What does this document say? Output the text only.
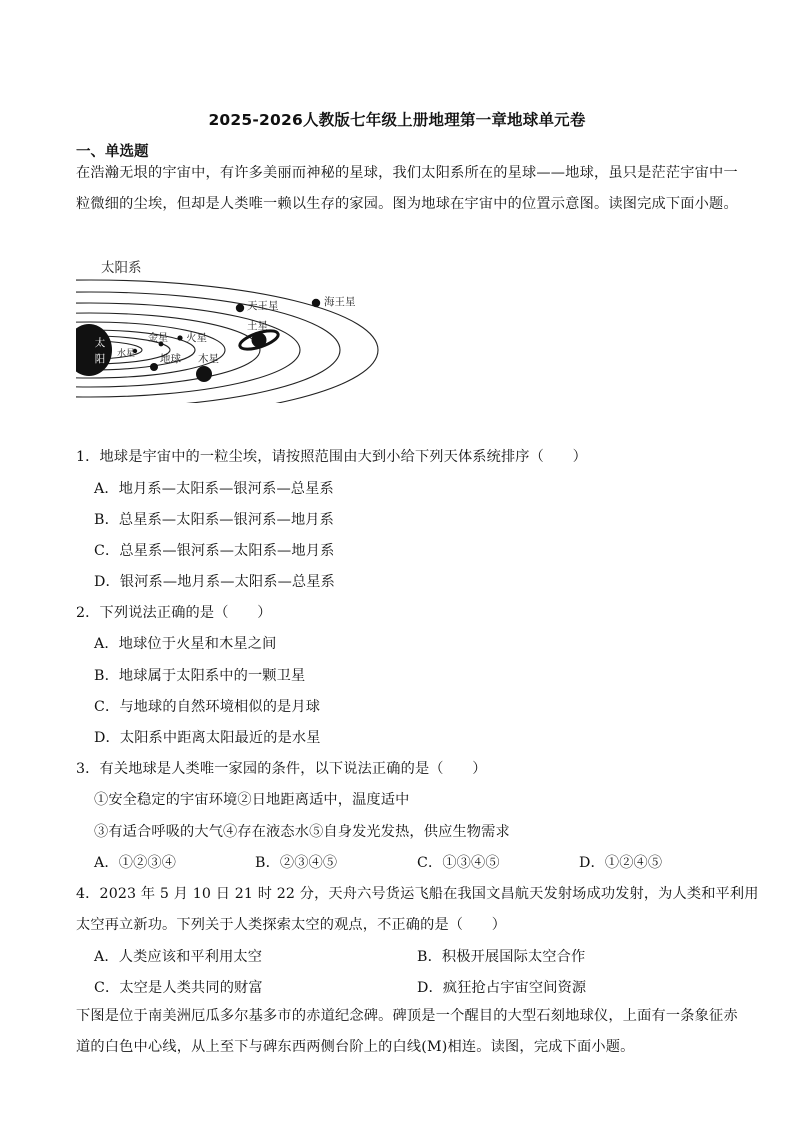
2025-2026人教版七年级上册地理第一章地球单元卷
一、单选题
在浩瀚无垠的宇宙中，有许多美丽而神秘的星球，我们太阳系所在的星球——地球，虽只是茫茫宇宙中一粒微细的尘埃，但却是人类唯一赖以生存的家园。图为地球在宇宙中的位置示意图。读图完成下面小题。
太阳系
太
阳 水星
金星
地球
火星
木星
土星
天王星	海王星
1．地球是宇宙中的一粒尘埃，请按照范围由大到小给下列天体系统排序（　　）
A．地月系—太阳系—银河系—总星系
B．总星系—太阳系—银河系—地月系
C．总星系—银河系—太阳系—地月系
D．银河系—地月系—太阳系—总星系
2．下列说法正确的是（　　）
A．地球位于火星和木星之间
B．地球属于太阳系中的一颗卫星
C．与地球的自然环境相似的是月球
D．太阳系中距离太阳最近的是水星
3．有关地球是人类唯一家园的条件，以下说法正确的是（　　）
①安全稳定的宇宙环境②日地距离适中，温度适中
③有适合呼吸的大气④存在液态水⑤自身发光发热，供应生物需求
A．①②③④	B．②③④⑤	C．①③④⑤	D．①②④⑤
4．2023 年 5 月 10 日 21 时 22 分，天舟六号货运飞船在我国文昌航天发射场成功发射，为人类和平利用
太空再立新功。下列关于人类探索太空的观点，不正确的是（　　）
A．人类应该和平利用太空	B．积极开展国际太空合作
C．太空是人类共同的财富	D．疯狂抢占宇宙空间资源
下图是位于南美洲厄瓜多尔基多市的赤道纪念碑。碑顶是一个醒目的大型石刻地球仪，上面有一条象征赤道的白色中心线，从上至下与碑东西两侧台阶上的白线(M)相连。读图，完成下面小题。
